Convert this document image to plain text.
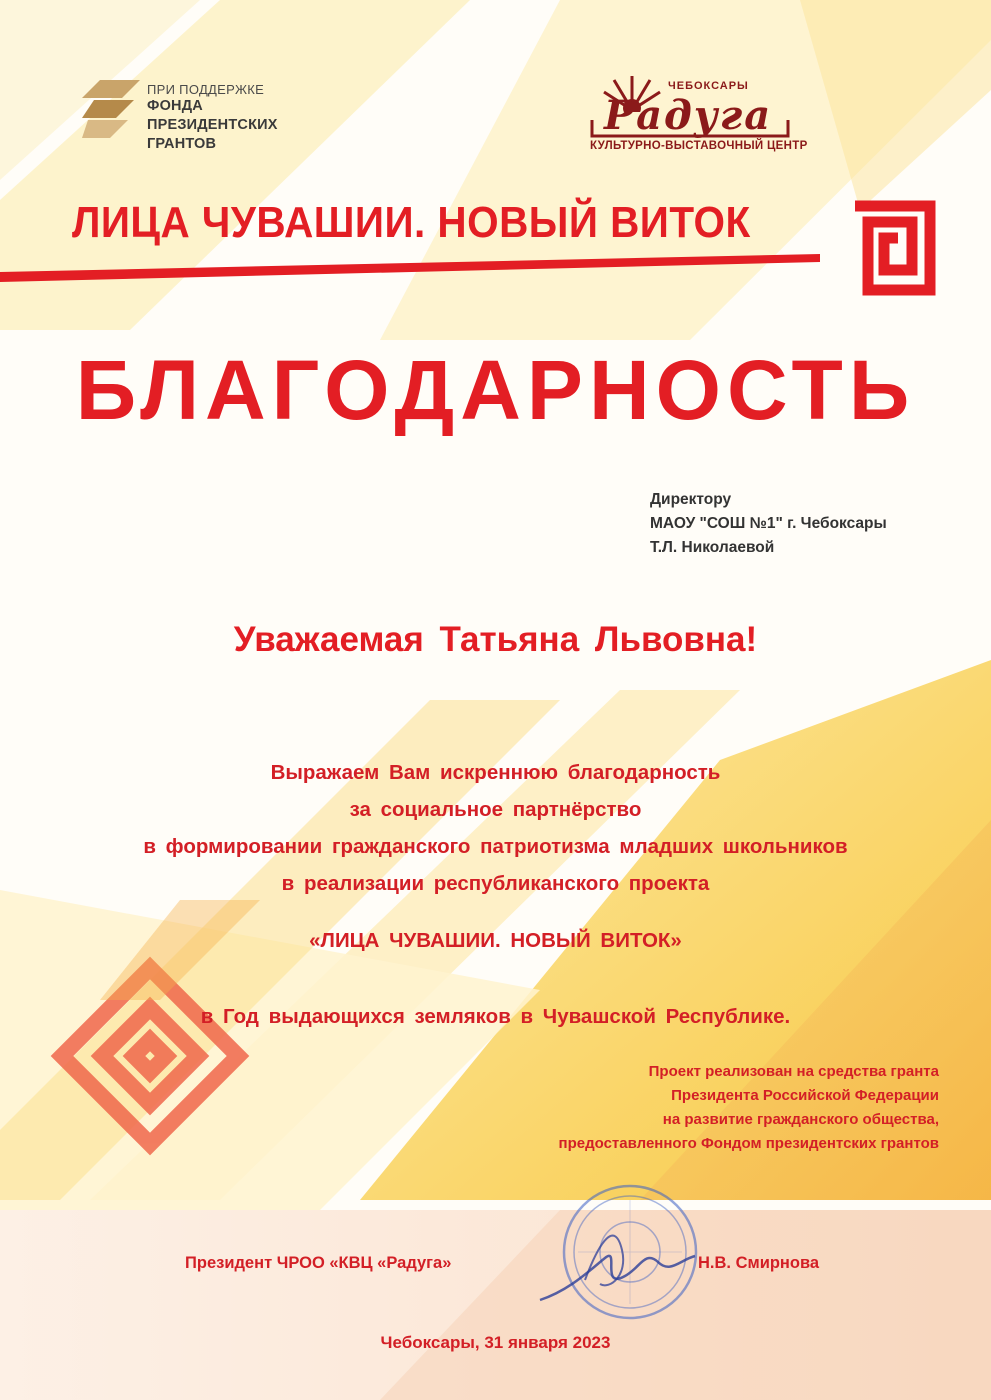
ПРИ ПОДДЕРЖКЕ
ФОНДА
ПРЕЗИДЕНТСКИХ
ГРАНТОВ
ЧЕБОКСАРЫ
Радуга
КУЛЬТУРНО-ВЫСТАВОЧНЫЙ ЦЕНТР
ЛИЦА ЧУВАШИИ. НОВЫЙ ВИТОК
БЛАГОДАРНОСТЬ
Директору
МАОУ "СОШ №1" г. Чебоксары
Т.Л. Николаевой
Уважаемая Татьяна Львовна!
Выражаем Вам искреннюю благодарность
за социальное партнёрство
в формировании гражданского патриотизма младших школьников
в реализации республиканского проекта
«ЛИЦА ЧУВАШИИ. НОВЫЙ ВИТОК»
в Год выдающихся земляков в Чувашской Республике.
Проект реализован на средства гранта
Президента Российской Федерации
на развитие гражданского общества,
предоставленного Фондом президентских грантов
Президент ЧРОО «КВЦ «Радуга»	Н.В. Смирнова
Чебоксары, 31 января 2023
